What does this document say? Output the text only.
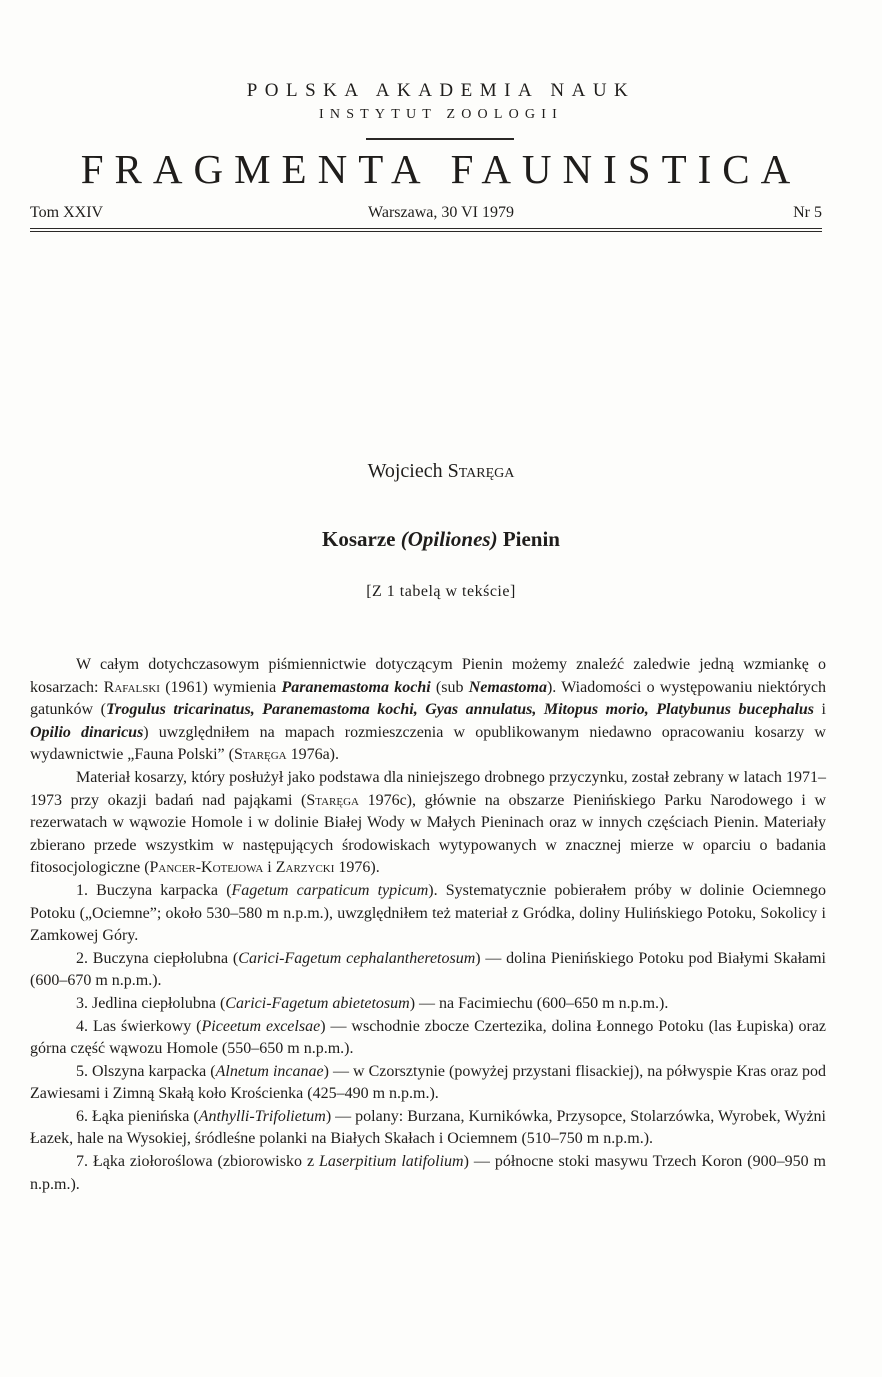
POLSKA AKADEMIA NAUK
INSTYTUT ZOOLOGII
FRAGMENTA FAUNISTICA
Tom XXIV	Warszawa, 30 VI 1979	Nr 5
Wojciech Staręga
Kosarze (Opiliones) Pienin
[Z 1 tabelą w tekście]

W całym dotychczasowym piśmiennictwie dotyczącym Pienin możemy znaleźć zaledwie jedną wzmiankę o kosarzach: Rafalski (1961) wymienia Paranemastoma kochi (sub Nemastoma). Wiadomości o występowaniu niektórych gatunków (Trogulus tricarinatus, Paranemastoma kochi, Gyas annulatus, Mitopus morio, Platybunus bucephalus i Opilio dinaricus) uwzględniłem na mapach rozmieszczenia w opublikowanym niedawno opracowaniu kosarzy w wydawnictwie „Fauna Polski” (Staręga 1976a).

Materiał kosarzy, który posłużył jako podstawa dla niniejszego drobnego przyczynku, został zebrany w latach 1971–1973 przy okazji badań nad pająkami (Staręga 1976c), głównie na obszarze Pienińskiego Parku Narodowego i w rezerwatach w wąwozie Homole i w dolinie Białej Wody w Małych Pieninach oraz w innych częściach Pienin. Materiały zbierano przede wszystkim w następujących środowiskach wytypowanych w znacznej mierze w oparciu o badania fitosocjologiczne (Pancer-Kotejowa i Zarzycki 1976).

1. Buczyna karpacka (Fagetum carpaticum typicum). Systematycznie pobierałem próby w dolinie Ociemnego Potoku („Ociemne”; około 530–580 m n.p.m.), uwzględniłem też materiał z Gródka, doliny Hulińskiego Potoku, Sokolicy i Zamkowej Góry.

2. Buczyna ciepłolubna (Carici-Fagetum cephalantheretosum) — dolina Pienińskiego Potoku pod Białymi Skałami (600–670 m n.p.m.).

3. Jedlina ciepłolubna (Carici-Fagetum abietetosum) — na Facimiechu (600–650 m n.p.m.).

4. Las świerkowy (Piceetum excelsae) — wschodnie zbocze Czertezika, dolina Łonnego Potoku (las Łupiska) oraz górna część wąwozu Homole (550–650 m n.p.m.).

5. Olszyna karpacka (Alnetum incanae) — w Czorsztynie (powyżej przystani flisackiej), na półwyspie Kras oraz pod Zawiesami i Zimną Skałą koło Krościenka (425–490 m n.p.m.).

6. Łąka pienińska (Anthylli-Trifolietum) — polany: Burzana, Kurnikówka, Przysopce, Stolarzówka, Wyrobek, Wyżni Łazek, hale na Wysokiej, śródleśne polanki na Białych Skałach i Ociemnem (510–750 m n.p.m.).

7. Łąka ziołoroślowa (zbiorowisko z Laserpitium latifolium) — północne stoki masywu Trzech Koron (900–950 m n.p.m.).
